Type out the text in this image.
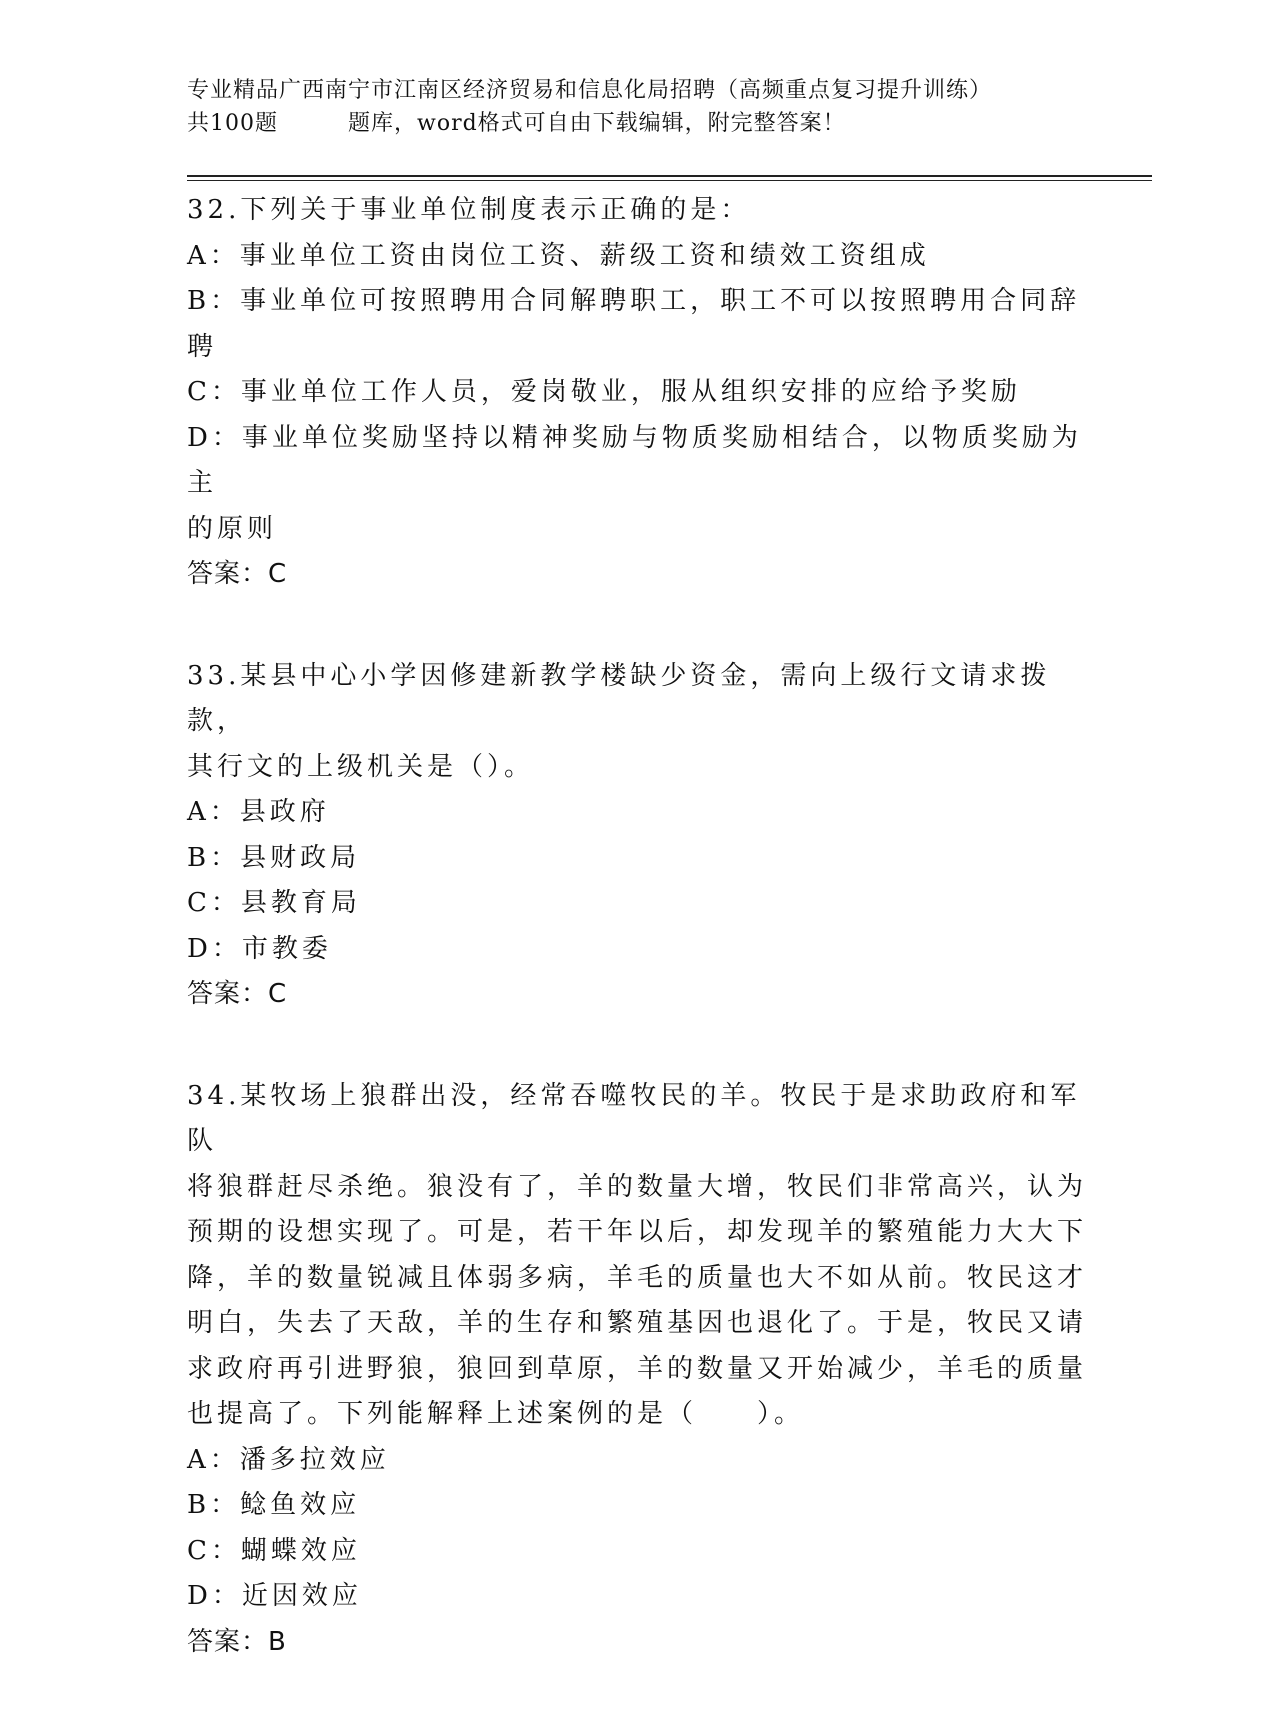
专业精品广西南宁市江南区经济贸易和信息化局招聘（高频重点复习提升训练）
共100题	题库，word格式可自由下载编辑，附完整答案！

32.下列关于事业单位制度表示正确的是：

A：事业单位工资由岗位工资、薪级工资和绩效工资组成

B：事业单位可按照聘用合同解聘职工，职工不可以按照聘用合同辞聘

C：事业单位工作人员，爱岗敬业，服从组织安排的应给予奖励

D：事业单位奖励坚持以精神奖励与物质奖励相结合，以物质奖励为主

的原则

答案：C

33.某县中心小学因修建新教学楼缺少资金，需向上级行文请求拨款，

其行文的上级机关是（）。

A：县政府

B：县财政局

C：县教育局

D：市教委

答案：C

34.某牧场上狼群出没，经常吞噬牧民的羊。牧民于是求助政府和军队

将狼群赶尽杀绝。狼没有了，羊的数量大增，牧民们非常高兴，认为

预期的设想实现了。可是，若干年以后，却发现羊的繁殖能力大大下

降，羊的数量锐减且体弱多病，羊毛的质量也大不如从前。牧民这才

明白，失去了天敌，羊的生存和繁殖基因也退化了。于是，牧民又请

求政府再引进野狼，狼回到草原，羊的数量又开始减少，羊毛的质量

也提高了。下列能解释上述案例的是（　　）。

A：潘多拉效应

B：鲶鱼效应

C：蝴蝶效应

D：近因效应

答案：B
